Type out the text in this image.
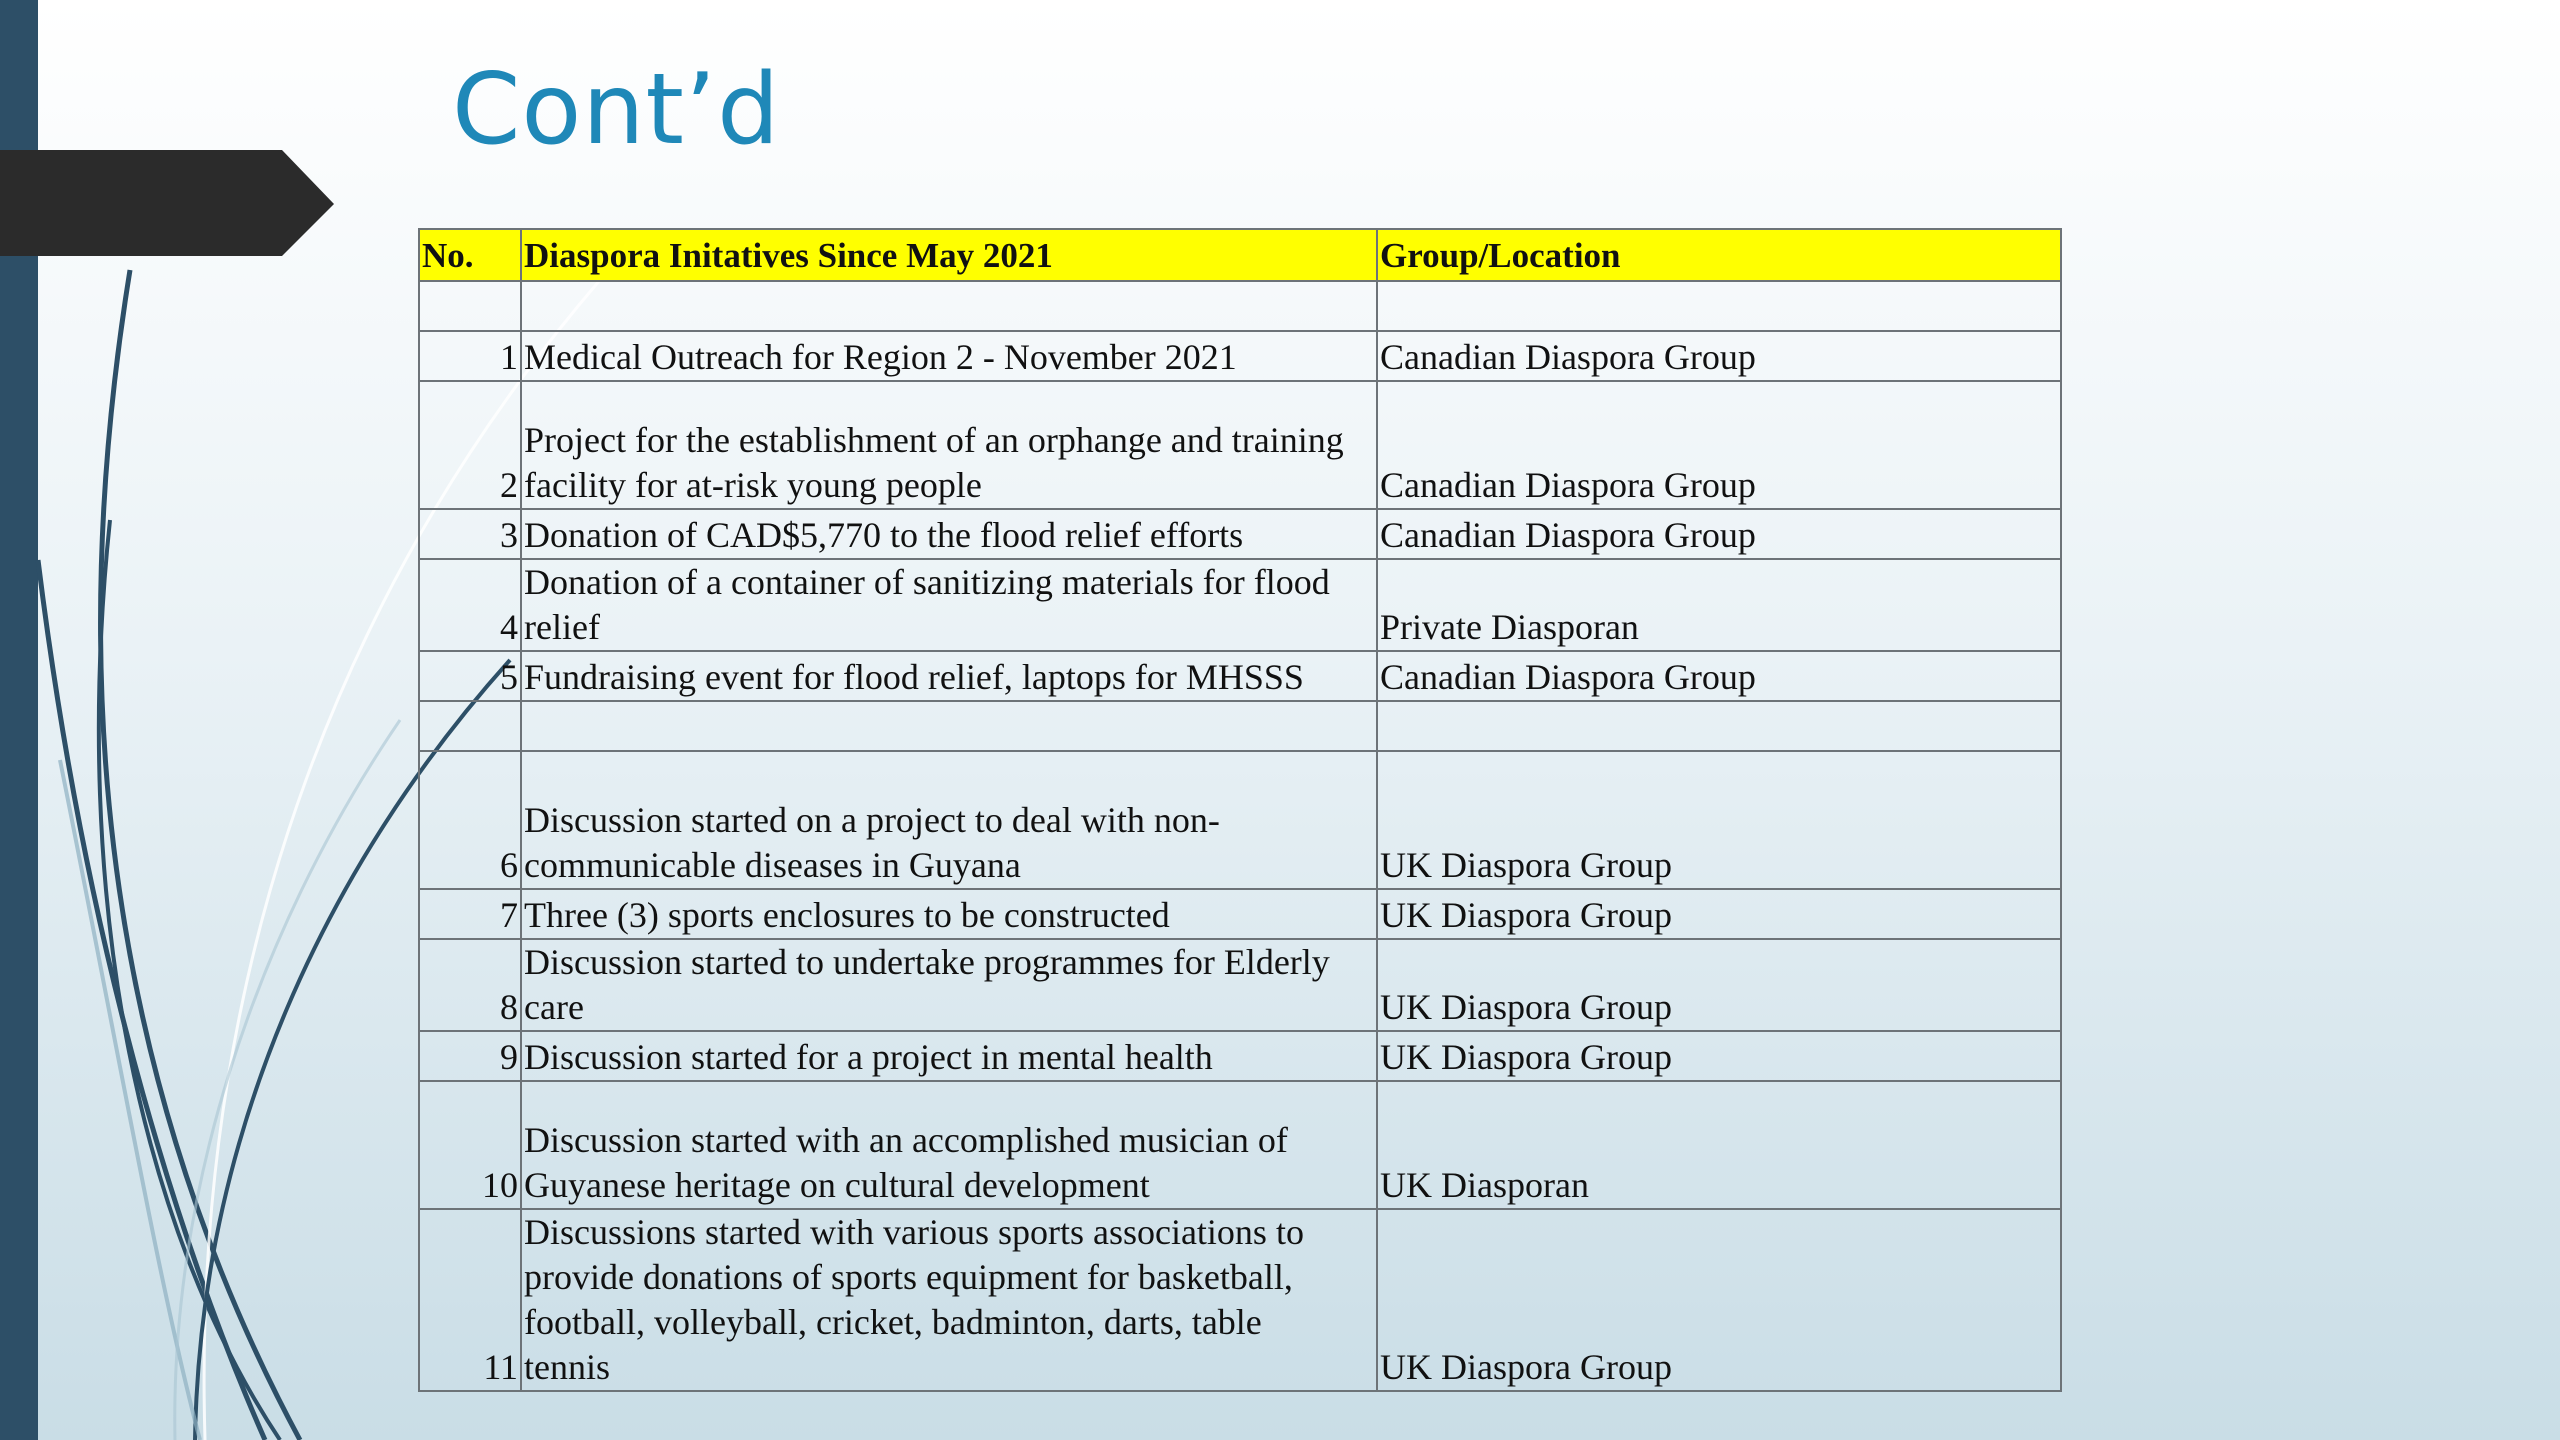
Cont’d
No.	Diaspora Initatives Since May 2021	Group/Location

1	Medical Outreach for Region 2 - November 2021	Canadian Diaspora Group
2	Project for the establishment of an orphange and training
facility for at-risk young people	Canadian Diaspora Group
3	Donation of CAD$5,770 to the flood relief efforts	Canadian Diaspora Group
4	Donation of a container of sanitizing materials for flood
relief	Private Diasporan
5	Fundraising event for flood relief, laptops for MHSSS	Canadian Diaspora Group

6	Discussion started on a project to deal with non-
communicable diseases in Guyana	UK Diaspora Group
7	Three (3) sports enclosures to be constructed	UK Diaspora Group
8	Discussion started to undertake programmes for Elderly
care	UK Diaspora Group
9	Discussion started for a project in mental health	UK Diaspora Group
10	Discussion started with an accomplished musician of
Guyanese heritage on cultural development	UK Diasporan
11	Discussions started with various sports associations to
provide donations of sports equipment for basketball,
football, volleyball, cricket, badminton, darts, table
tennis	UK Diaspora Group
